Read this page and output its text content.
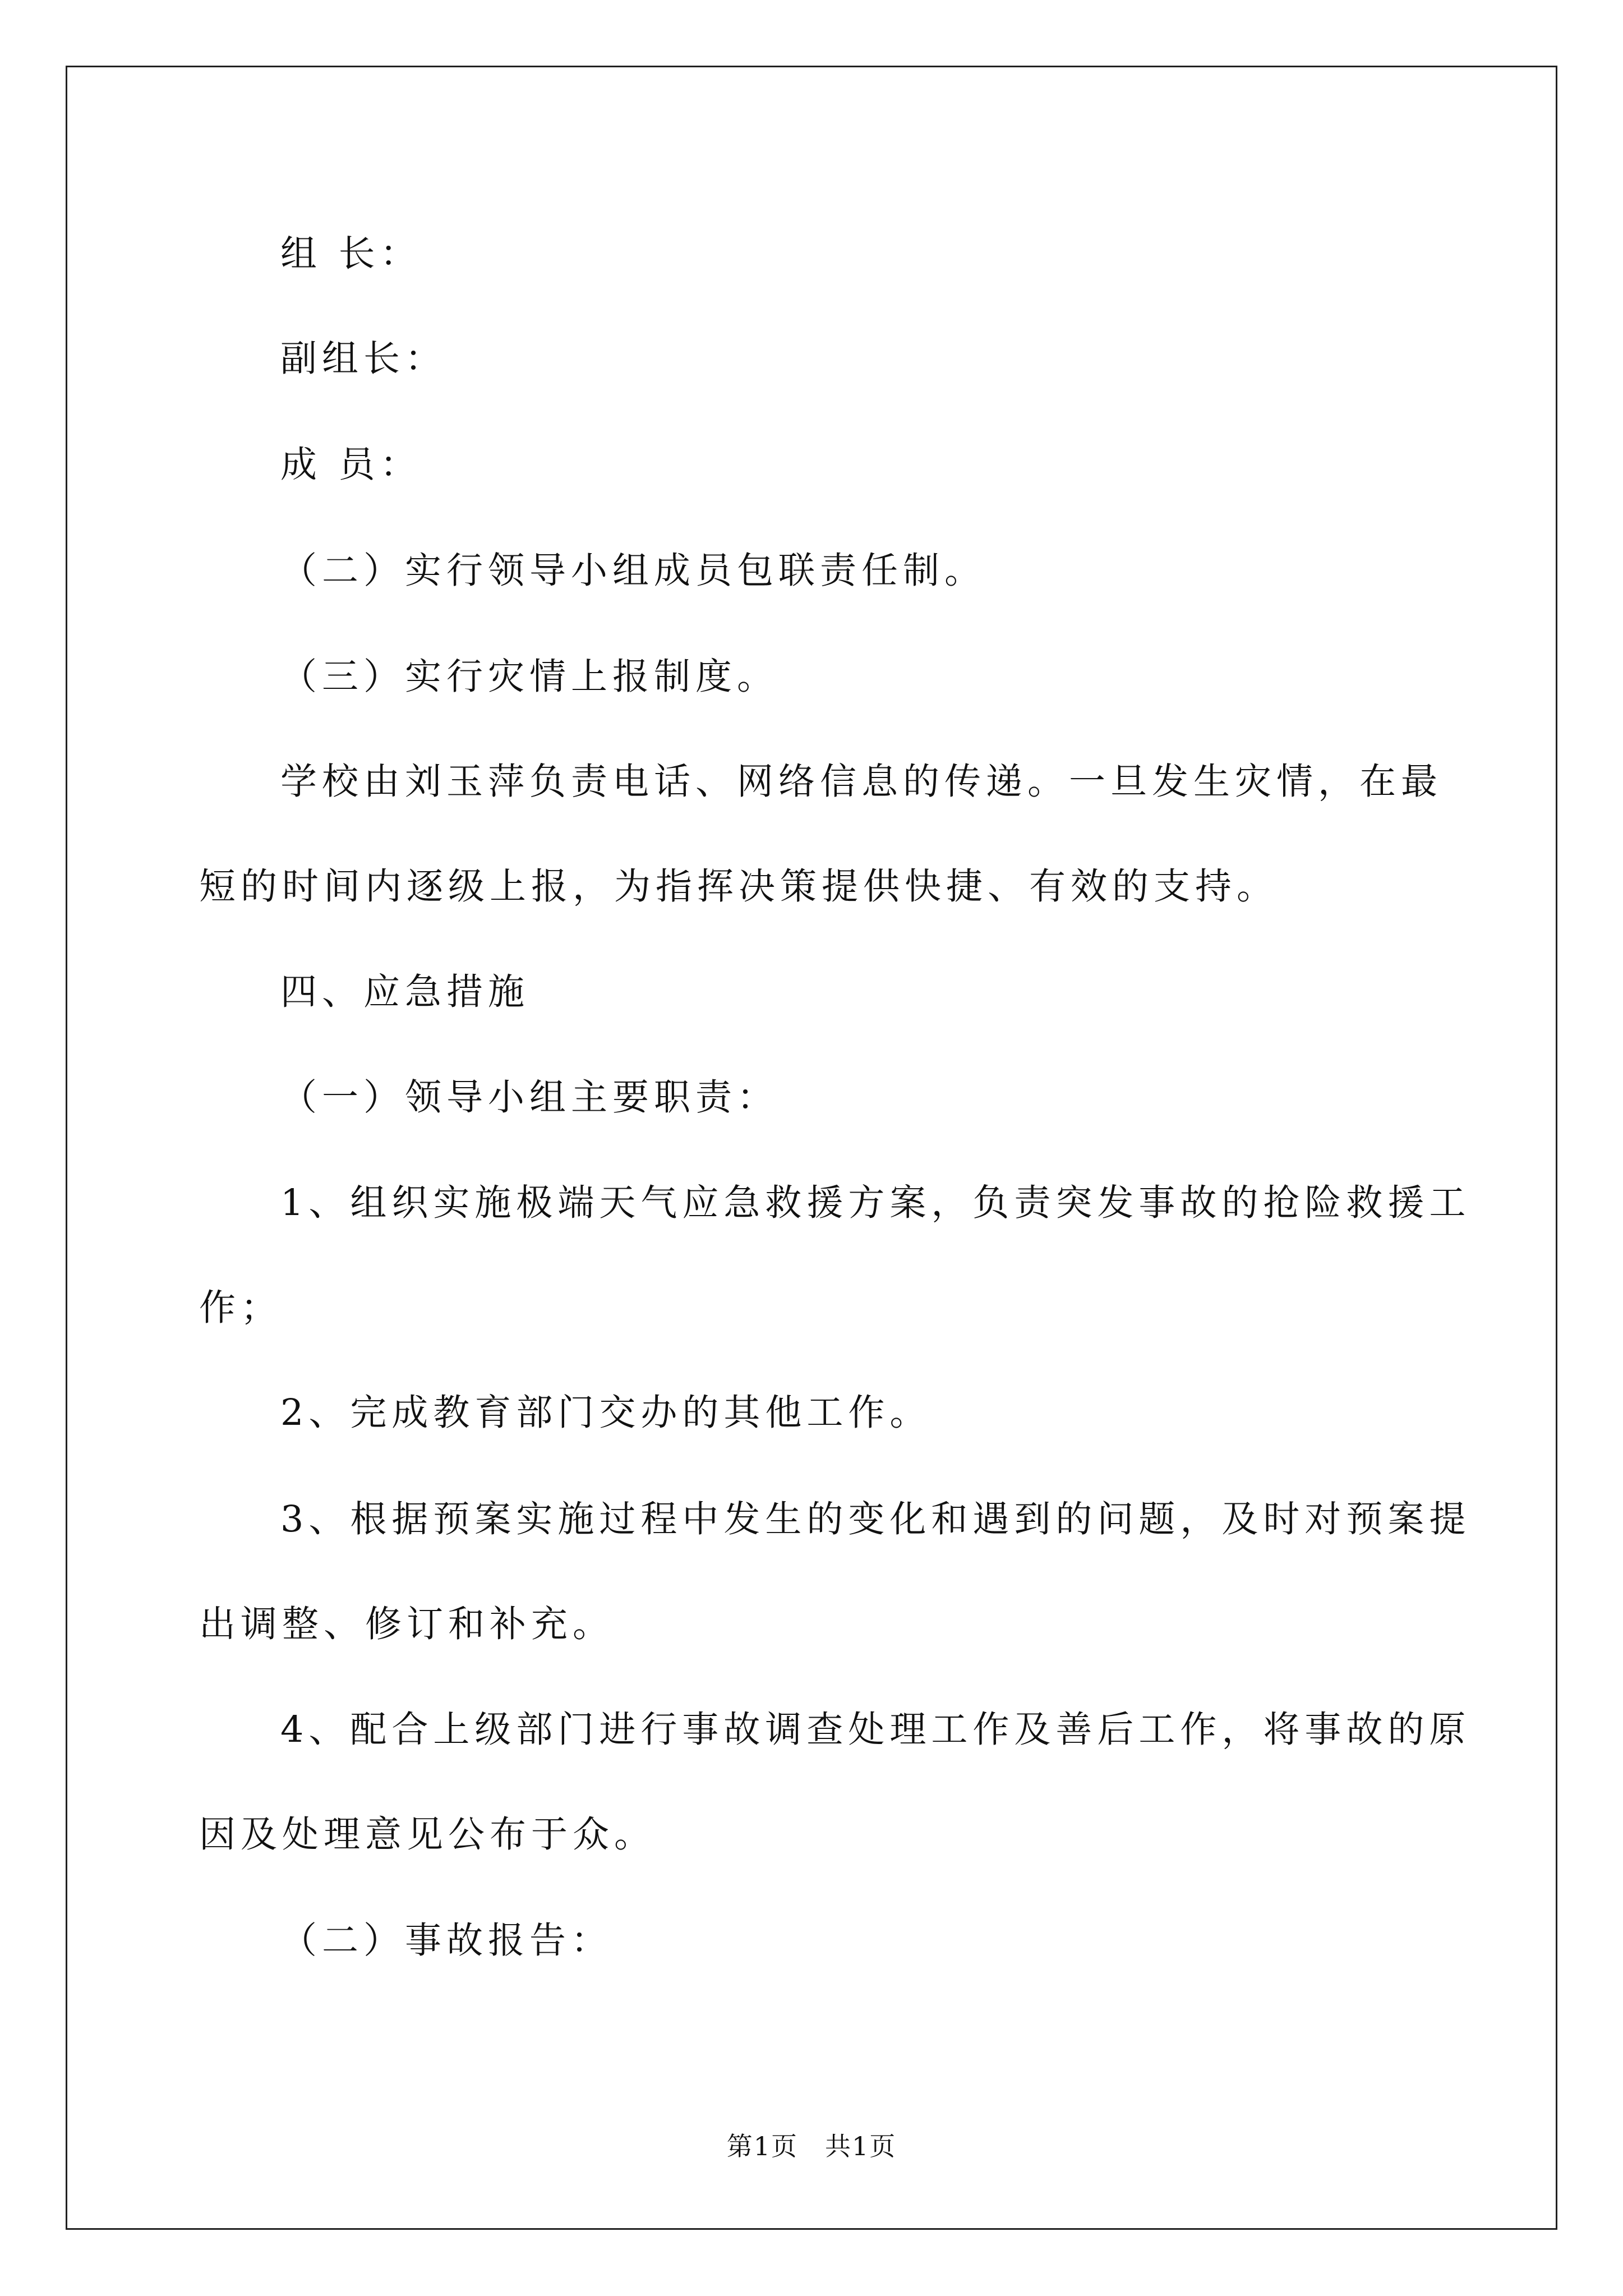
组 长：
副组长：
成 员：
（二）实行领导小组成员包联责任制。
（三）实行灾情上报制度。
学校由刘玉萍负责电话、网络信息的传递。一旦发生灾情，在最
短的时间内逐级上报，为指挥决策提供快捷、有效的支持。
四、应急措施
（一）领导小组主要职责：
1、组织实施极端天气应急救援方案，负责突发事故的抢险救援工
作；
2、完成教育部门交办的其他工作。
3、根据预案实施过程中发生的变化和遇到的问题，及时对预案提
出调整、修订和补充。
4、配合上级部门进行事故调查处理工作及善后工作，将事故的原
因及处理意见公布于众。
（二）事故报告：
第1页　共1页
